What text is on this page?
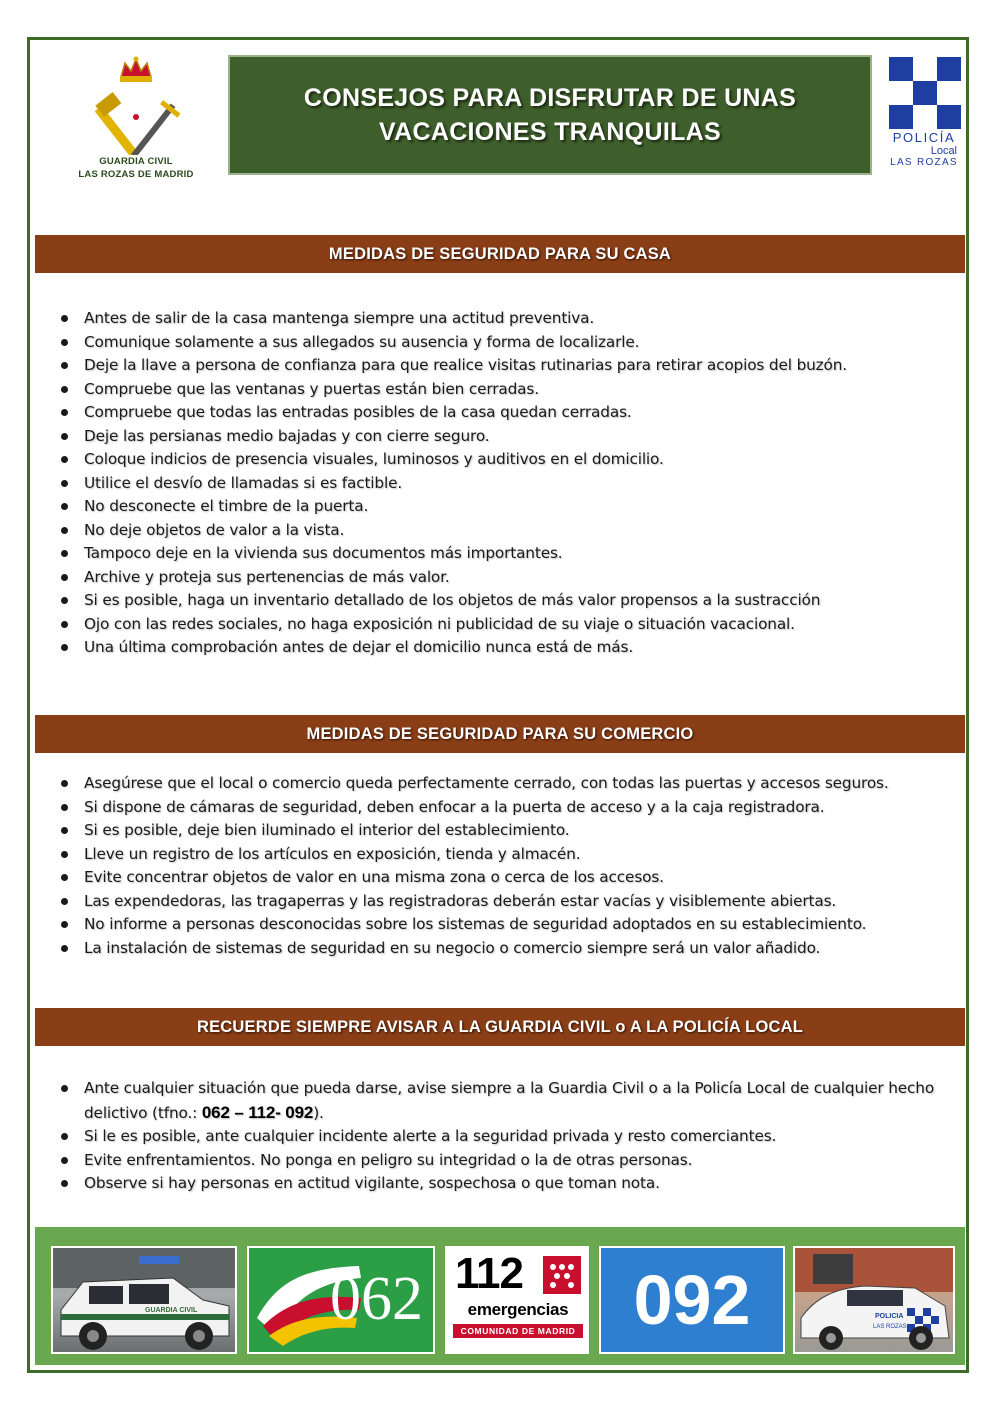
GUARDIA CIVIL
LAS ROZAS DE MADRID
CONSEJOS PARA DISFRUTAR DE UNAS
VACACIONES TRANQUILAS	POLICÍA
Local
LAS ROZAS
MEDIDAS DE SEGURIDAD PARA SU CASA
Antes de salir de la casa mantenga siempre una actitud preventiva.
Comunique solamente a sus allegados su ausencia y forma de localizarle.
Deje la llave a persona de confianza para que realice visitas rutinarias para retirar acopios del buzón.
Compruebe que las ventanas y puertas están bien cerradas.
Compruebe que todas las entradas posibles de la casa quedan cerradas.
Deje las persianas medio bajadas y con cierre seguro.
Coloque indicios de presencia visuales, luminosos y auditivos en el domicilio.
Utilice el desvío de llamadas si es factible.
No desconecte el timbre de la puerta.
No deje objetos de valor a la vista.
Tampoco deje en la vivienda sus documentos más importantes.
Archive y proteja sus pertenencias de más valor.
Si es posible, haga un inventario detallado de los objetos de más valor propensos a la sustracción
Ojo con las redes sociales, no haga exposición ni publicidad de su viaje o situación vacacional.
Una última comprobación antes de dejar el domicilio nunca está de más.
MEDIDAS DE SEGURIDAD PARA SU COMERCIO
Asegúrese que el local o comercio queda perfectamente cerrado, con todas las puertas y accesos seguros.
Si dispone de cámaras de seguridad, deben enfocar a la puerta de acceso y a la caja registradora.
Si es posible, deje bien iluminado el interior del establecimiento.
Lleve un registro de los artículos en exposición, tienda y almacén.
Evite concentrar objetos de valor en una misma zona o cerca de los accesos.
Las expendedoras, las tragaperras y las registradoras deberán estar vacías y visiblemente abiertas.
No informe a personas desconocidas sobre los sistemas de seguridad adoptados en su establecimiento.
La instalación de sistemas de seguridad en su negocio o comercio siempre será un valor añadido.
RECUERDE SIEMPRE AVISAR A LA GUARDIA CIVIL o A LA POLICÍA LOCAL
Ante cualquier situación que pueda darse, avise siempre a la Guardia Civil o a la Policía Local de cualquier hecho delictivo (tfno.: 062 – 112- 092).
Si le es posible, ante cualquier incidente alerte a la seguridad privada y resto comerciantes.
Evite enfrentamientos. No ponga en peligro su integridad o la de otras personas.
Observe si hay personas en actitud vigilante, sospechosa o que toman nota.
GUARDIA CIVIL 062 112
emergencias
COMUNIDAD DE MADRID 092	POLICIA
LAS ROZAS
